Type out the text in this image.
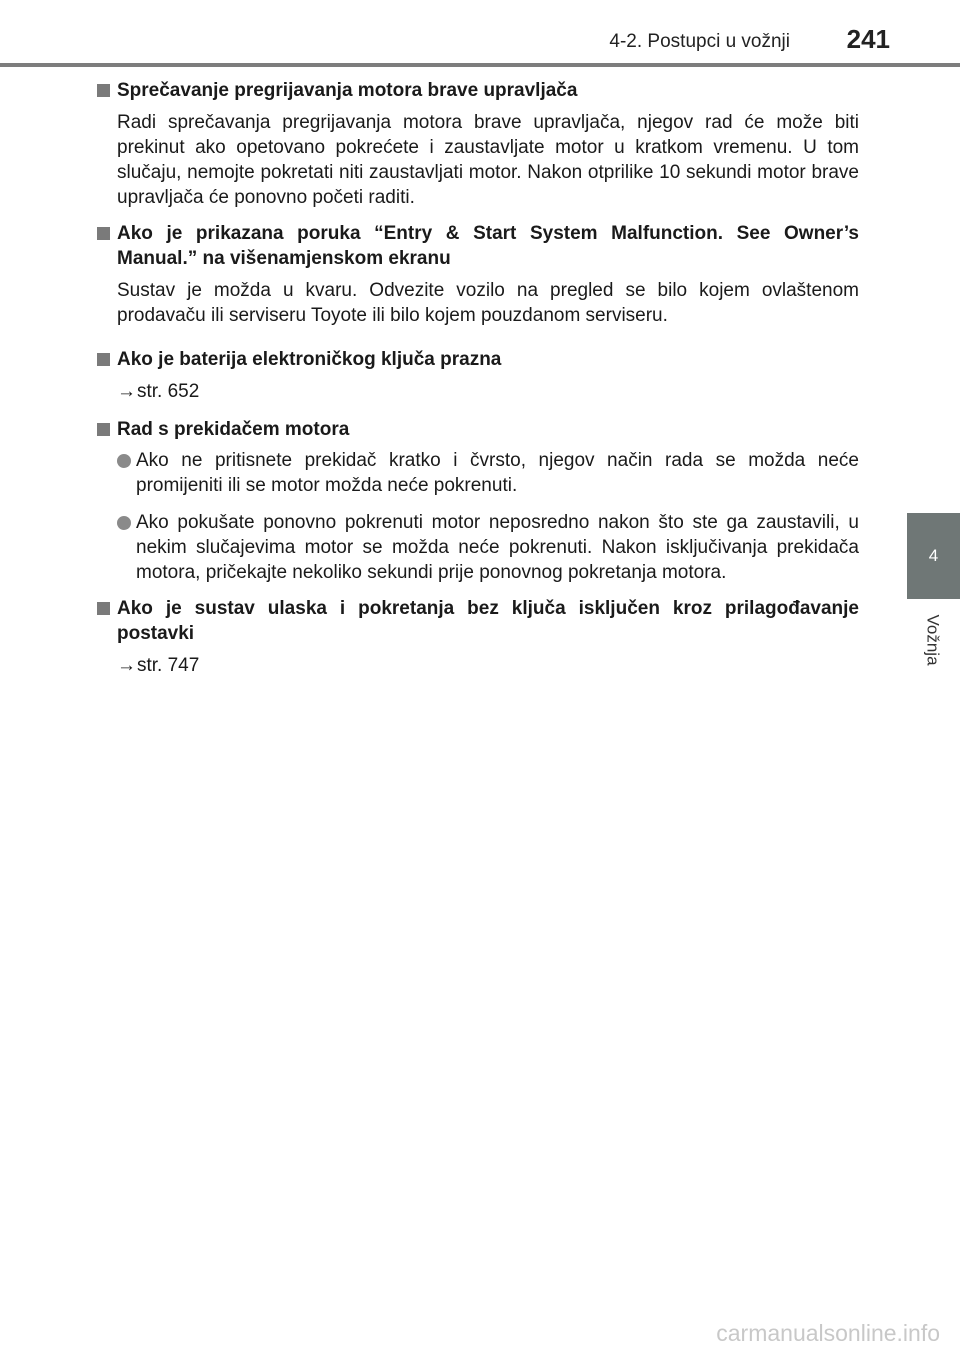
4-2. Postupci u vožnji	241
4
Vožnja
Sprečavanje pregrijavanja motora brave upravljača
Radi sprečavanja pregrijavanja motora brave upravljača, njegov rad će može biti prekinut ako opetovano pokrećete i zaustavljate motor u kratkom vremenu. U tom slučaju, nemojte pokretati niti zaustavljati motor. Nakon otprilike 10 sekundi motor brave upravljača će ponovno početi raditi.
Ako je prikazana poruka “Entry & Start System Malfunction. See Owner’s Manual.” na višenamjenskom ekranu
Sustav je možda u kvaru. Odvezite vozilo na pregled se bilo kojem ovlaštenom prodavaču ili serviseru Toyote ili bilo kojem pouzdanom serviseru.
Ako je baterija elektroničkog ključa prazna
→str. 652
Rad s prekidačem motora
Ako ne pritisnete prekidač kratko i čvrsto, njegov način rada se možda neće promijeniti ili se motor možda neće pokrenuti.
Ako pokušate ponovno pokrenuti motor neposredno nakon što ste ga zaustavili, u nekim slučajevima motor se možda neće pokrenuti. Nakon isključivanja prekidača motora, pričekajte nekoliko sekundi prije ponovnog pokretanja motora.
Ako je sustav ulaska i pokretanja bez ključa isključen kroz prilagođavanje postavki
→str. 747
carmanualsonline.info
